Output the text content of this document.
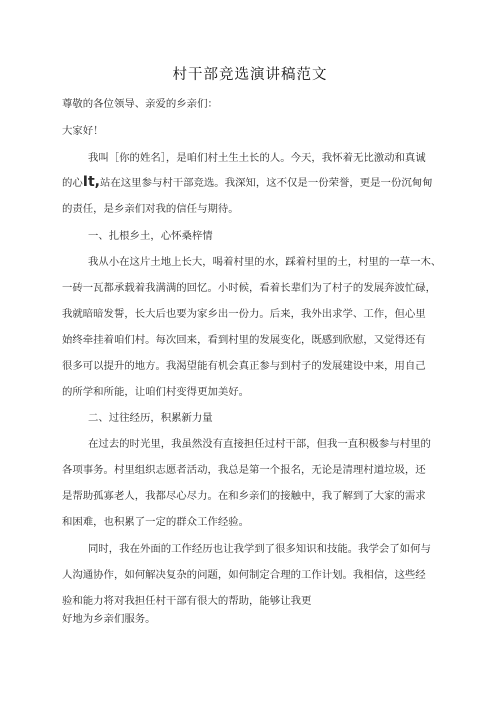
村干部竞选演讲稿范文
尊敬的各位领导、亲爱的乡亲们：
大家好！
我叫［你的姓名］，是咱们村土生土长的人。今天，我怀着无比激动和真诚
的心It,站在这里参与村干部竞选。我深知，这不仅是一份荣誉，更是一份沉甸甸
的责任，是乡亲们对我的信任与期待。
一、扎根乡土，心怀桑梓情
我从小在这片土地上长大，喝着村里的水，踩着村里的土，村里的一草一木、
一砖一瓦都承载着我满满的回忆。小时候，看着长辈们为了村子的发展奔波忙碌，
我就暗暗发誓，长大后也要为家乡出一份力。后来，我外出求学、工作，但心里
始终牵挂着咱们村。每次回来，看到村里的发展变化，既感到欣慰，又觉得还有
很多可以提升的地方。我渴望能有机会真正参与到村子的发展建设中来，用自己
的所学和所能，让咱们村变得更加美好。
二、过往经历，积累新力量
在过去的时光里，我虽然没有直接担任过村干部，但我一直积极参与村里的
各项事务。村里组织志愿者活动，我总是第一个报名，无论是清理村道垃圾，还
是帮助孤寡老人，我都尽心尽力。在和乡亲们的接触中，我了解到了大家的需求
和困难，也积累了一定的群众工作经验。
同时，我在外面的工作经历也让我学到了很多知识和技能。我学会了如何与
人沟通协作，如何解决复杂的问题，如何制定合理的工作计划。我相信，这些经
验和能力将对我担任村干部有很大的帮助，能够让我更
好地为乡亲们服务。
